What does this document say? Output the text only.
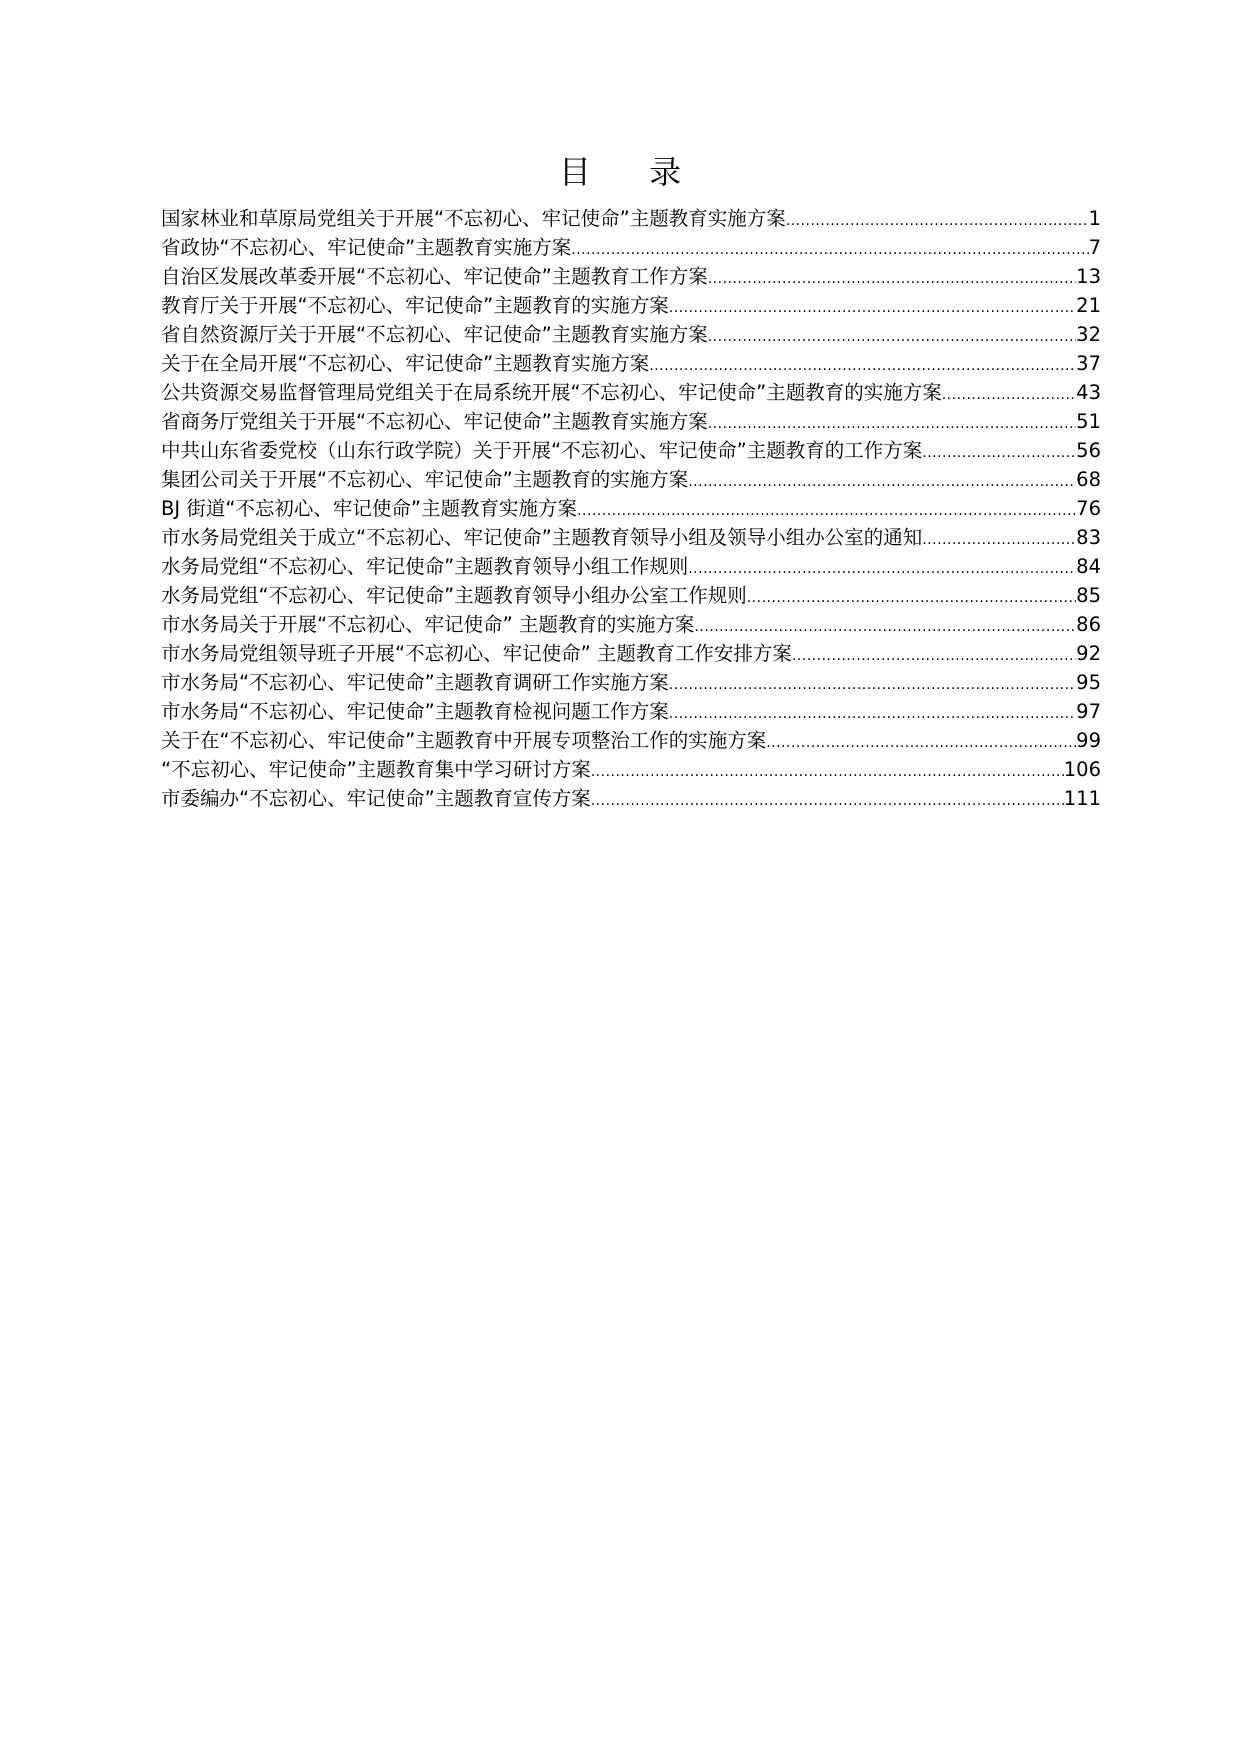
目 录
国家林业和草原局党组关于开展“不忘初心、牢记使命”主题教育实施方案 .....	1
省政协“不忘初心、牢记使命”主题教育实施方案 .....	7
自治区发展改革委开展“不忘初心、牢记使命”主题教育工作方案 .....	13
教育厅关于开展“不忘初心、牢记使命”主题教育的实施方案 .....	21
省自然资源厅关于开展“不忘初心、牢记使命”主题教育实施方案 .....	32
关于在全局开展“不忘初心、牢记使命”主题教育实施方案 .....	37
公共资源交易监督管理局党组关于在局系统开展“不忘初心、牢记使命”主题教育的实施方案 .....	43
省商务厅党组关于开展“不忘初心、牢记使命”主题教育实施方案 .....	51
中共山东省委党校（山东行政学院）关于开展“不忘初心、牢记使命”主题教育的工作方案 .....	56
集团公司关于开展“不忘初心、牢记使命”主题教育的实施方案 .....	68
BJ 街道“不忘初心、牢记使命”主题教育实施方案 .....	76
市水务局党组关于成立“不忘初心、牢记使命”主题教育领导小组及领导小组办公室的通知 .....	83
水务局党组“不忘初心、牢记使命”主题教育领导小组工作规则 .....	84
水务局党组“不忘初心、牢记使命”主题教育领导小组办公室工作规则 .....	85
市水务局关于开展“不忘初心、牢记使命” 主题教育的实施方案 .....	86
市水务局党组领导班子开展“不忘初心、牢记使命” 主题教育工作安排方案 .....	92
市水务局“不忘初心、牢记使命”主题教育调研工作实施方案 .....	95
市水务局“不忘初心、牢记使命”主题教育检视问题工作方案 .....	97
关于在“不忘初心、牢记使命”主题教育中开展专项整治工作的实施方案 .....	99
“不忘初心、牢记使命”主题教育集中学习研讨方案 .....	106
市委编办“不忘初心、牢记使命”主题教育宣传方案 .....	111
